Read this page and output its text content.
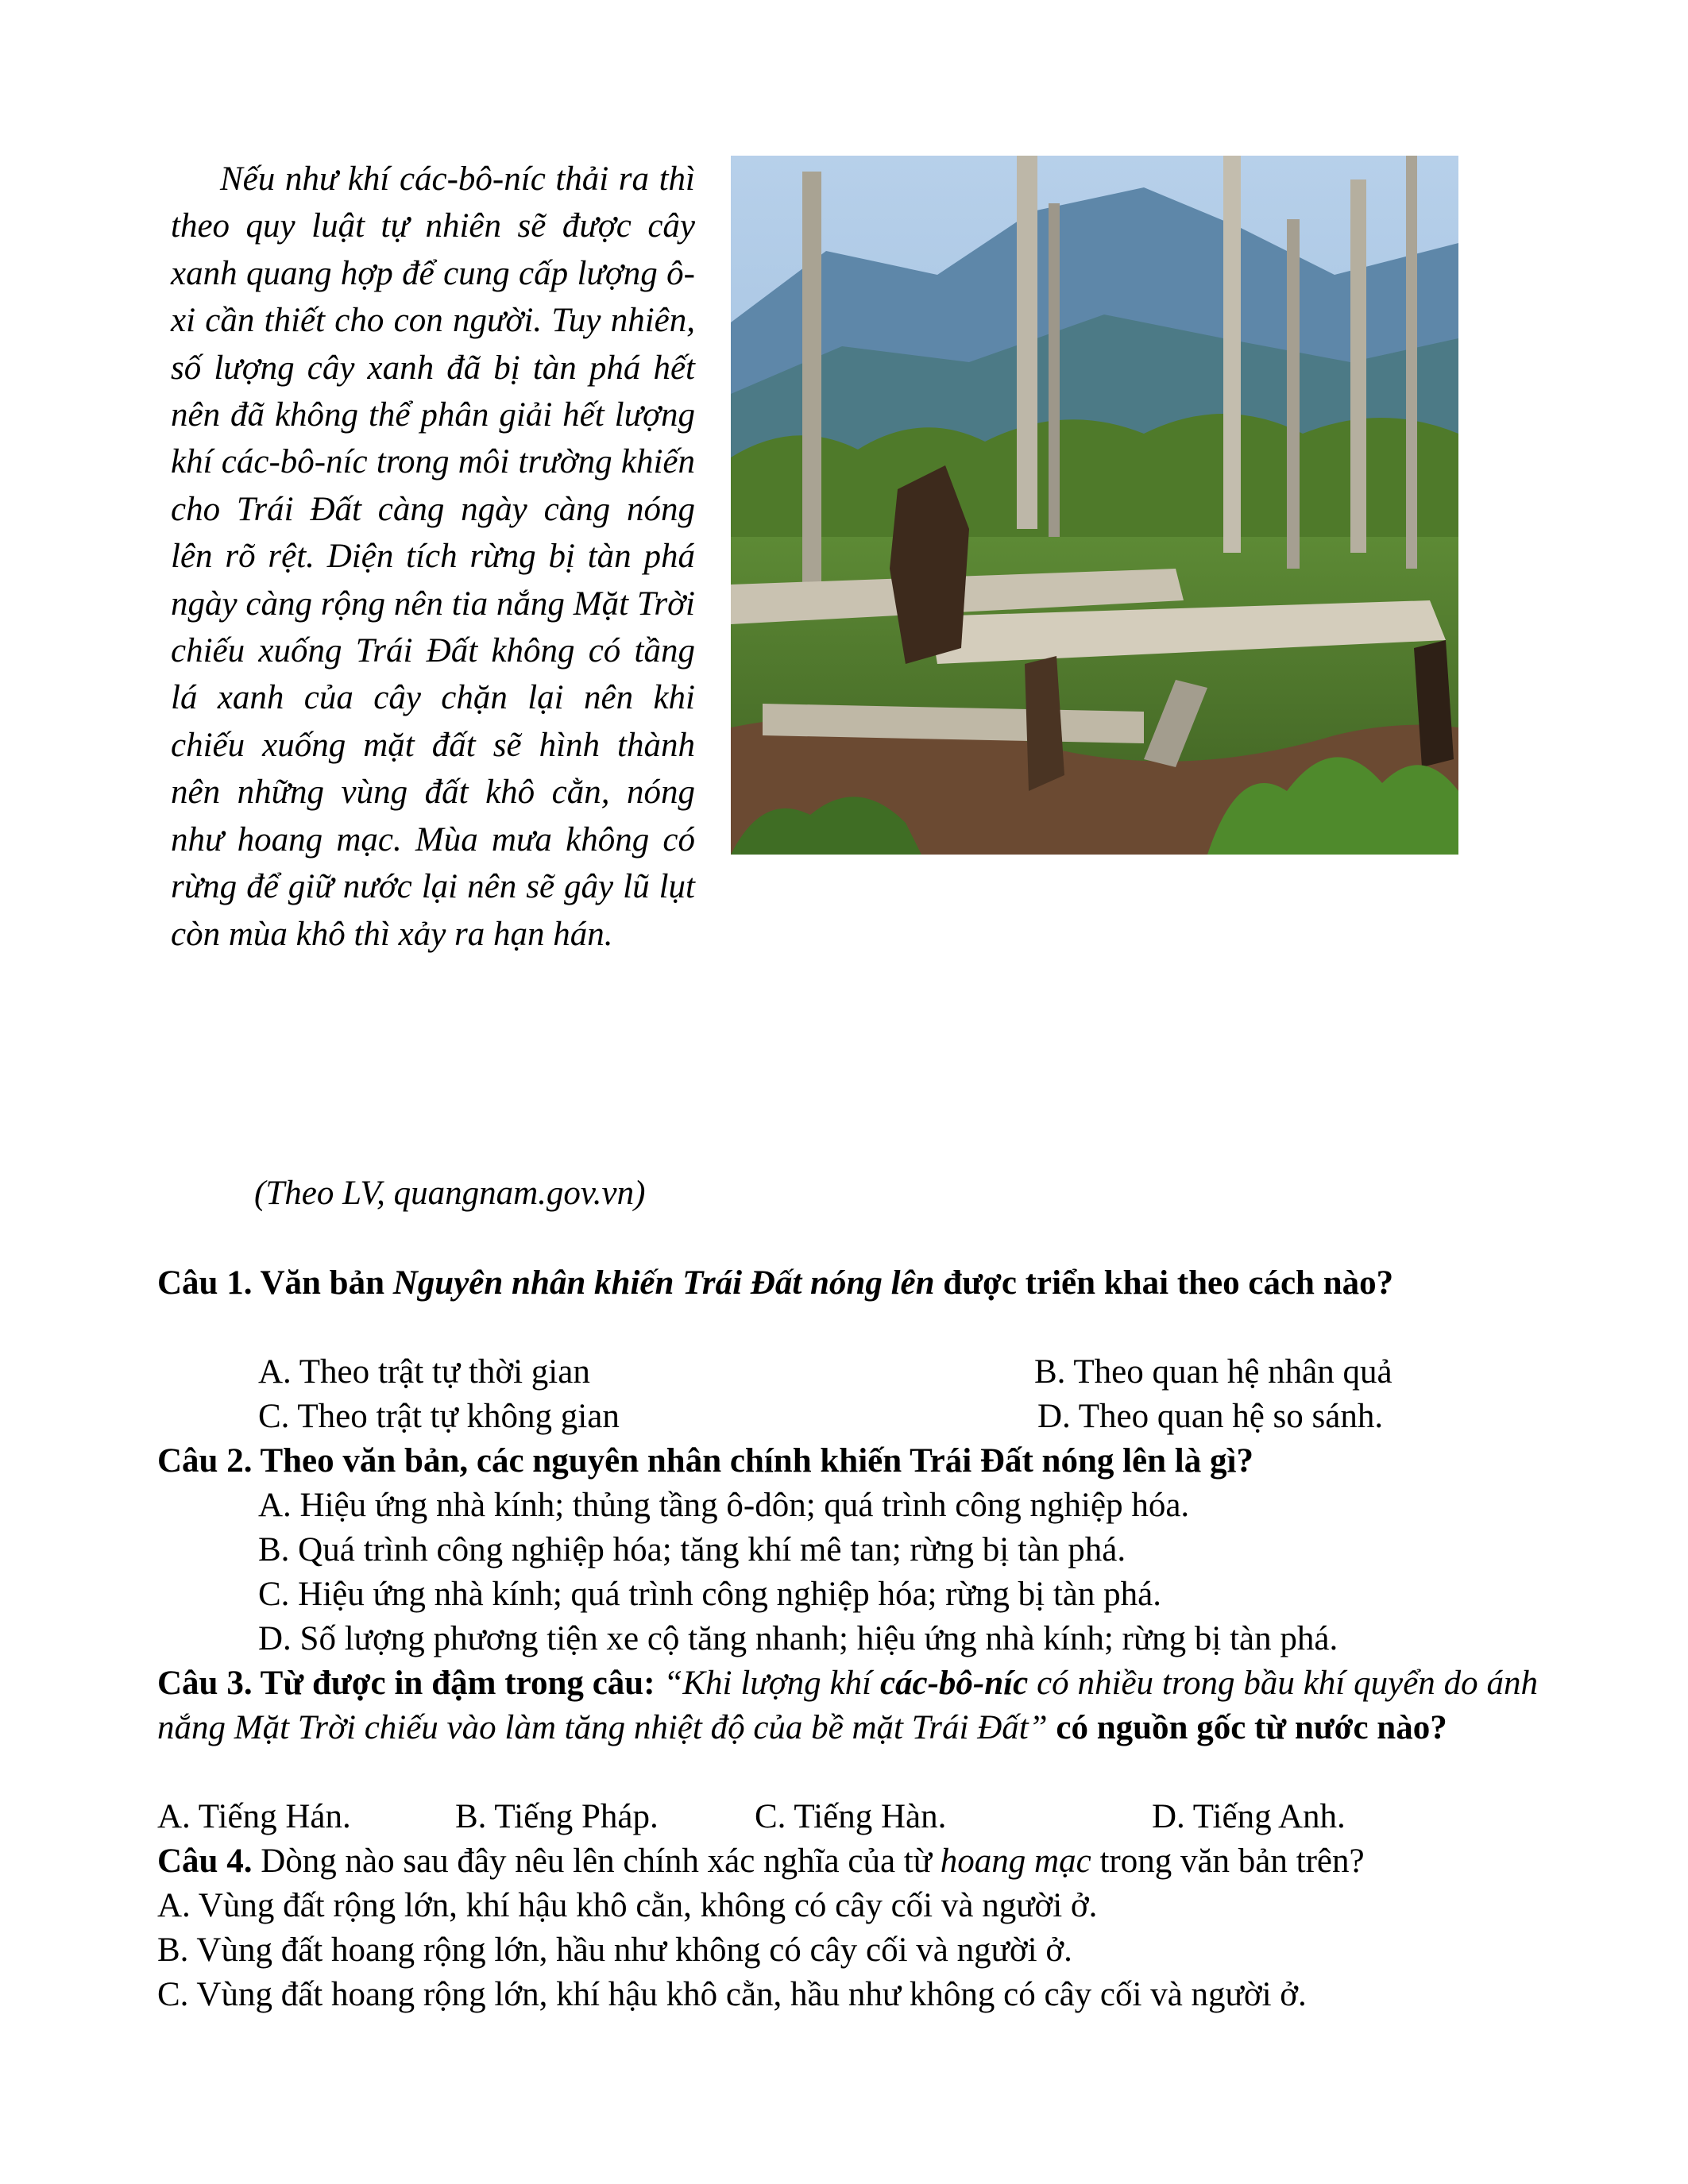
Nếu như khí các-bô-níc thải ra thì theo quy luật tự nhiên sẽ được cây xanh quang hợp để cung cấp lượng ô-xi cần thiết cho con người. Tuy nhiên, số lượng cây xanh đã bị tàn phá hết nên đã không thể phân giải hết lượng khí các-bô-níc trong môi trường khiến cho Trái Đất càng ngày càng nóng lên rõ rệt. Diện tích rừng bị tàn phá ngày càng rộng nên tia nắng Mặt Trời chiếu xuống Trái Đất không có tầng lá xanh của cây chặn lại nên khi chiếu xuống mặt đất sẽ hình thành nên những vùng đất khô cằn, nóng như hoang mạc. Mùa mưa không có rừng để giữ nước lại nên sẽ gây lũ lụt còn mùa khô thì xảy ra hạn hán.

(Theo LV, quangnam.gov.vn)

Câu 1. Văn bản Nguyên nhân khiến Trái Đất nóng lên được triển khai theo cách nào?

A. Theo trật tự thời gian	B. Theo quan hệ nhân quả

C. Theo trật tự không gian	D. Theo quan hệ so sánh.

Câu 2. Theo văn bản, các nguyên nhân chính khiến Trái Đất nóng lên là gì?

A. Hiệu ứng nhà kính; thủng tầng ô-dôn; quá trình công nghiệp hóa.

B. Quá trình công nghiệp hóa; tăng khí mê tan; rừng bị tàn phá.

C. Hiệu ứng nhà kính; quá trình công nghiệp hóa; rừng bị tàn phá.

D. Số lượng phương tiện xe cộ tăng nhanh; hiệu ứng nhà kính; rừng bị tàn phá.

Câu 3. Từ được in đậm trong câu: “Khi lượng khí các-bô-níc có nhiều trong bầu khí quyển do ánh nắng Mặt Trời chiếu vào làm tăng nhiệt độ của bề mặt Trái Đất” có nguồn gốc từ nước nào?

A. Tiếng Hán.	B. Tiếng Pháp.	C. Tiếng Hàn.	D. Tiếng Anh.

Câu 4. Dòng nào sau đây nêu lên chính xác nghĩa của từ hoang mạc trong văn bản trên?

A. Vùng đất rộng lớn, khí hậu khô cằn, không có cây cối và người ở.

B. Vùng đất hoang rộng lớn, hầu như không có cây cối và người ở.

C. Vùng đất hoang rộng lớn, khí hậu khô cằn, hầu như không có cây cối và người ở.
